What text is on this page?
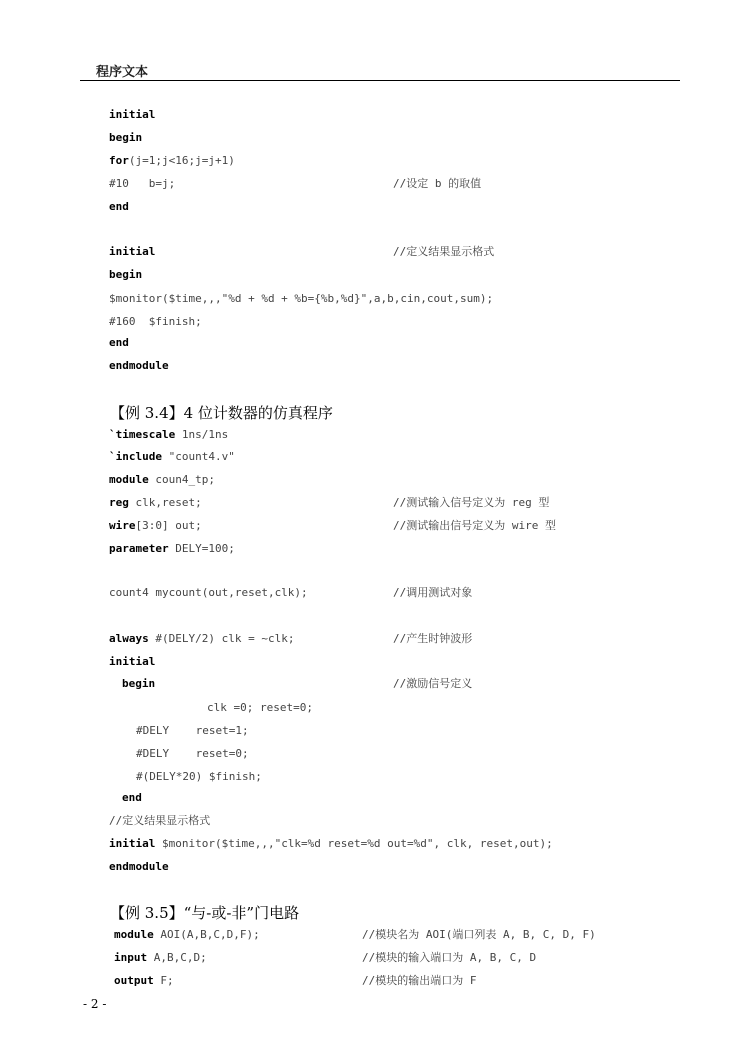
程序文本
initial
begin
for(j=1;j<16;j=j+1)
#10   b=j;	//设定 b 的取值
end
initial	//定义结果显示格式
begin
$monitor($time,,,"%d + %d + %b={%b,%d}",a,b,cin,cout,sum);
#160  $finish;
end
endmodule
【例 3.4】4 位计数器的仿真程序
`timescale 1ns/1ns
`include "count4.v"
module coun4_tp;
reg clk,reset;	//测试输入信号定义为 reg 型
wire[3:0] out;	//测试输出信号定义为 wire 型
parameter DELY=100;
count4 mycount(out,reset,clk);	//调用测试对象
always #(DELY/2) clk = ~clk;	//产生时钟波形
initial
begin	//激励信号定义
clk =0; reset=0;
#DELY    reset=1;
#DELY    reset=0;
#(DELY*20) $finish;
end
//定义结果显示格式
initial $monitor($time,,,"clk=%d reset=%d out=%d", clk, reset,out);
endmodule
【例 3.5】“与-或-非”门电路
module AOI(A,B,C,D,F);	//模块名为 AOI(端口列表 A, B, C, D, F)
input A,B,C,D;	//模块的输入端口为 A, B, C, D
output F;	//模块的输出端口为 F
- 2 -
